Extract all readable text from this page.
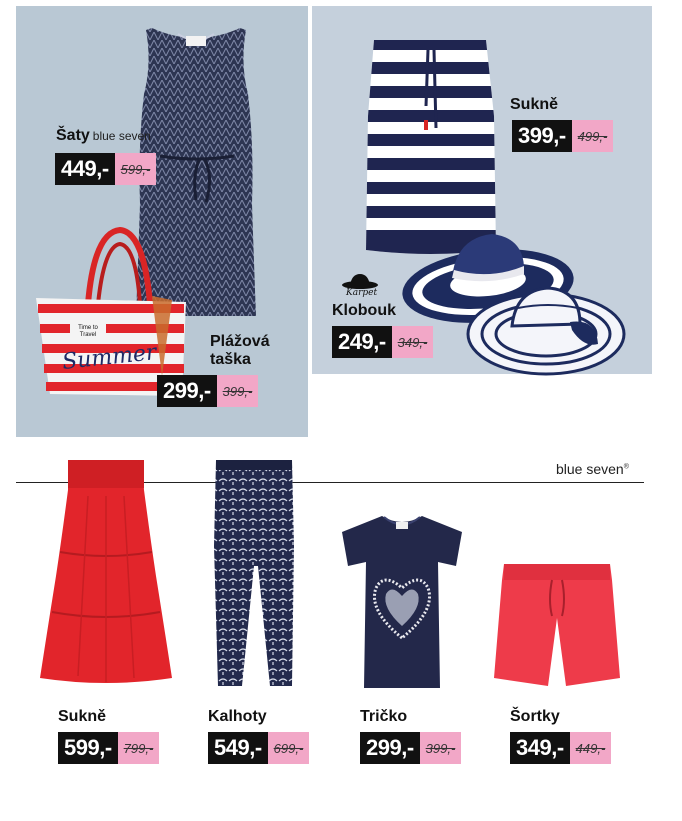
Šaty blue seven
449,- 599,-
Time to
Travel
Summer	Plážová
taška
299,- 399,-
Sukně
399,- 499,-
Karpet
Klobouk
249,- 349,-
blue seven®
Sukně
599,- 799,-
Kalhoty
549,- 699,-
Tričko
299,- 399,-
Šortky
349,- 449,-
